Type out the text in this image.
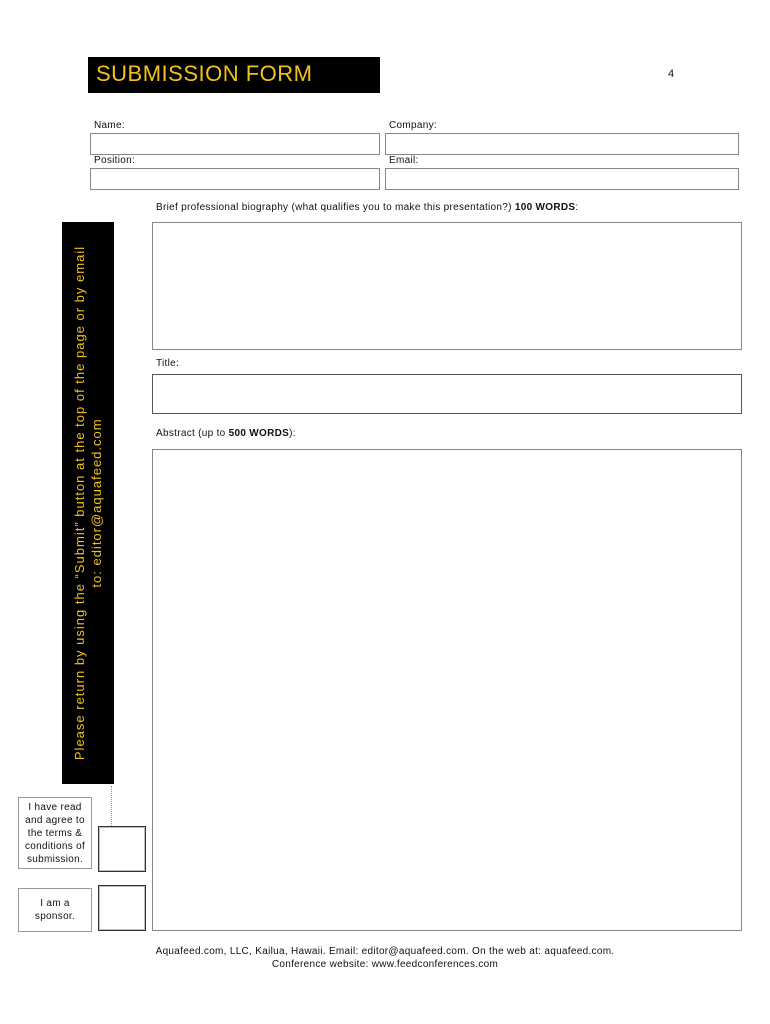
SUBMISSION FORM	4
Name:	Company:
Position:	Email:
Brief professional biography (what qualifies you to make this presentation?) 100 WORDS:
Title:
Abstract (up to 500 WORDS):
Please return by using the “Submit” button at the top of the page or by email to: editor@aquafeed.com
I have read and agree to the terms & conditions of submission.
I am a sponsor.
Aquafeed.com, LLC, Kailua, Hawaii. Email: editor@aquafeed.com. On the web at: aquafeed.com.
Conference website: www.feedconferences.com
